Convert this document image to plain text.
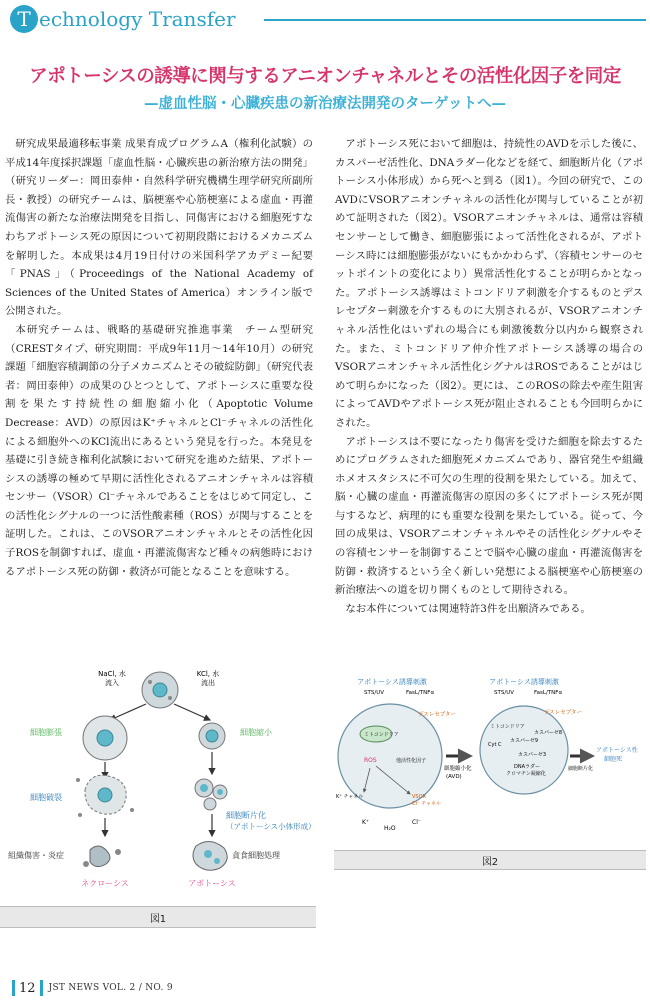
T echnology Transfer
アポトーシスの誘導に関与するアニオンチャネルとその活性化因子を同定
—虚血性脳・心臓疾患の新治療法開発のターゲットへ—

研究成果最適移転事業 成果育成プログラムA（権利化試験）の平成14年度採択課題「虚血性脳・心臓疾患の新治療方法の開発」（研究リーダー：岡田泰伸・自然科学研究機構生理学研究所副所長・教授）の研究チームは、脳梗塞や心筋梗塞による虚血・再灌流傷害の新たな治療法開発を目指し、同傷害における細胞死すなわちアポトーシス死の原因について初期段階におけるメカニズムを解明した。本成果は4月19日付けの米国科学アカデミー紀要「PNAS」（Proceedings of the National Academy of Sciences of the United States of America）オンライン版で公開された。

本研究チームは、戦略的基礎研究推進事業　チーム型研究（CRESTタイプ、研究期間：平成9年11月～14年10月）の研究課題「細胞容積調節の分子メカニズムとその破綻防御」（研究代表者：岡田泰伸）の成果のひとつとして、アポトーシスに重要な役割を果たす持続性の細胞縮小化（Apoptotic Volume Decrease：AVD）の原因はK⁺チャネルとCl⁻チャネルの活性化による細胞外へのKCl流出にあるという発見を行った。本発見を基礎に引き続き権利化試験において研究を進めた結果、アポトーシスの誘導の極めて早期に活性化されるアニオンチャネルは容積センサー（VSOR）Cl⁻チャネルであることをはじめて同定し、この活性化シグナルの一つに活性酸素種（ROS）が関与することを証明した。これは、このVSORアニオンチャネルとその活性化因子ROSを制御すれば、虚血・再灌流傷害など種々の病態時におけるアポトーシス死の防御・救済が可能となることを意味する。

アポトーシス死において細胞は、持続性のAVDを示した後に、カスパーゼ活性化、DNAラダー化などを経て、細胞断片化（アポトーシス小体形成）から死へと到る（図1）。今回の研究で、このAVDにVSORアニオンチャネルの活性化が関与していることが初めて証明された（図2）。VSORアニオンチャネルは、通常は容積センサーとして働き、細胞膨張によって活性化されるが、アポトーシス時には細胞膨張がないにもかかわらず、（容積センサーのセットポイントの変化により）異常活性化することが明らかとなった。アポトーシス誘導はミトコンドリア刺激を介するものとデスレセプター刺激を介するものに大別されるが、VSORアニオンチャネル活性化はいずれの場合にも刺激後数分以内から観察された。また、ミトコンドリア仲介性アポトーシス誘導の場合のVSORアニオンチャネル活性化シグナルはROSであることがはじめて明らかになった（図2）。更には、このROSの除去や産生阻害によってAVDやアポトーシス死が阻止されることも今回明らかにされた。

アポトーシスは不要になったり傷害を受けた細胞を除去するためにプログラムされた細胞死メカニズムであり、器官発生や組織ホメオスタシスに不可欠の生理的役割を果たしている。加えて、脳・心臓の虚血・再灌流傷害の原因の多くにアポトーシス死が関与するなど、病理的にも重要な役割を果たしている。従って、今回の成果は、VSORアニオンチャネルやその活性化シグナルやその容積センサーを制御することで脳や心臓の虚血・再灌流傷害を防御・救済するという全く新しい発想による脳梗塞や心筋梗塞の新治療法への道を切り開くものとして期待される。

なお本件については関連特許3件を出願済みである。

NaCl, 水
流入
KCl, 水
流出
細胞膨張	細胞縮小
細胞破裂
細胞断片化
（アポトーシス小体形成）
組織傷害・炎症	貪食細胞処理
ネクローシス	アポトーシス
図1
アポトーシス誘導刺激
STS/UV	FasL/TNFα
デスレセプター
ミトコンドリア
ROS	他活性化因子
K⁺ チャネル	VSOR
Cl⁻ チャネル
K⁺
H₂O
Cl⁻
細胞縮小化
(AVD)
アポトーシス誘導刺激
STS/UV	FasL/TNFα
デスレセプター
ミトコンドリア
Cyt C
カスパーゼ9
カスパーゼ8
カスパーゼ3
DNAラダー
クロマチン凝縮化
細胞断片化
アポトーシス性
細胞死
図2
12 JST NEWS VOL. 2 / NO. 9
